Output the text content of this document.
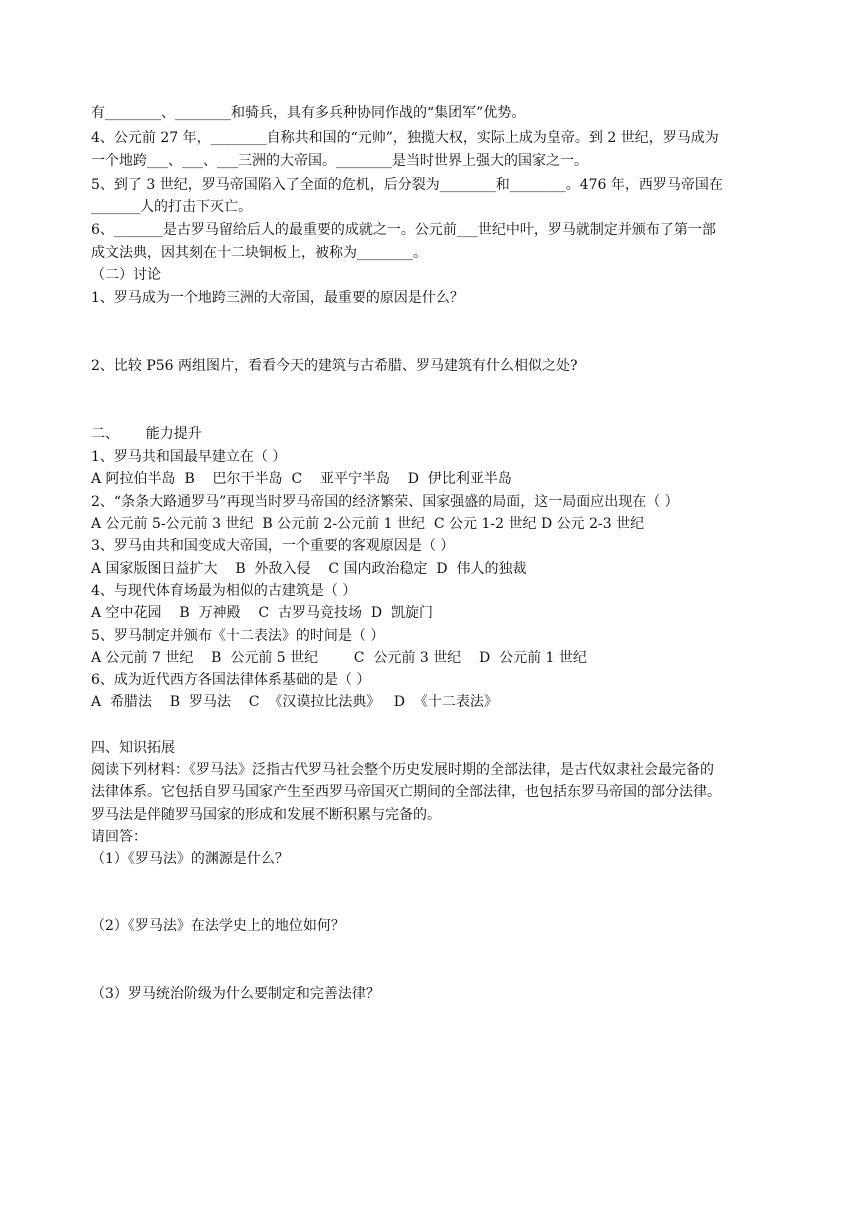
有________、________和骑兵，具有多兵种协同作战的“集团军”优势。
4、公元前 27 年，________自称共和国的“元帅”，独揽大权，实际上成为皇帝。到 2 世纪，罗马成为
一个地跨___、___、___三洲的大帝国。________是当时世界上强大的国家之一。
5、到了 3 世纪，罗马帝国陷入了全面的危机，后分裂为________和________。476 年，西罗马帝国在
_______人的打击下灭亡。
6、_______是古罗马留给后人的最重要的成就之一。公元前___世纪中叶，罗马就制定并颁布了第一部
成文法典，因其刻在十二块铜板上，被称为________。
（二）讨论
1、罗马成为一个地跨三洲的大帝国，最重要的原因是什么？
2、比较 P56 两组图片，看看今天的建筑与古希腊、罗马建筑有什么相似之处?
二、      能力提升
1、罗马共和国最早建立在（ ）
A 阿拉伯半岛  B    巴尔干半岛  C    亚平宁半岛    D  伊比利亚半岛
2、“条条大路通罗马”再现当时罗马帝国的经济繁荣、国家强盛的局面，这一局面应出现在（ ）
A 公元前 5-公元前 3 世纪  B 公元前 2-公元前 1 世纪  C 公元 1-2 世纪 D 公元 2-3 世纪
3、罗马由共和国变成大帝国，一个重要的客观原因是（ ）
A 国家版图日益扩大    B  外敌入侵    C 国内政治稳定  D  伟人的独裁
4、与现代体育场最为相似的古建筑是（ ）
A 空中花园    B  万神殿    C  古罗马竞技场  D  凯旋门
5、罗马制定并颁布《十二表法》的时间是（ ）
A 公元前 7 世纪    B  公元前 5 世纪        C  公元前 3 世纪    D  公元前 1 世纪
6、成为近代西方各国法律体系基础的是（ ）
A  希腊法    B  罗马法    C  《汉谟拉比法典》   D  《十二表法》
四、知识拓展
阅读下列材料：《罗马法》泛指古代罗马社会整个历史发展时期的全部法律，是古代奴隶社会最完备的
法律体系。它包括自罗马国家产生至西罗马帝国灭亡期间的全部法律，也包括东罗马帝国的部分法律。
罗马法是伴随罗马国家的形成和发展不断积累与完备的。
请回答：
（1）《罗马法》的渊源是什么？
（2）《罗马法》在法学史上的地位如何？
（3）罗马统治阶级为什么要制定和完善法律？
